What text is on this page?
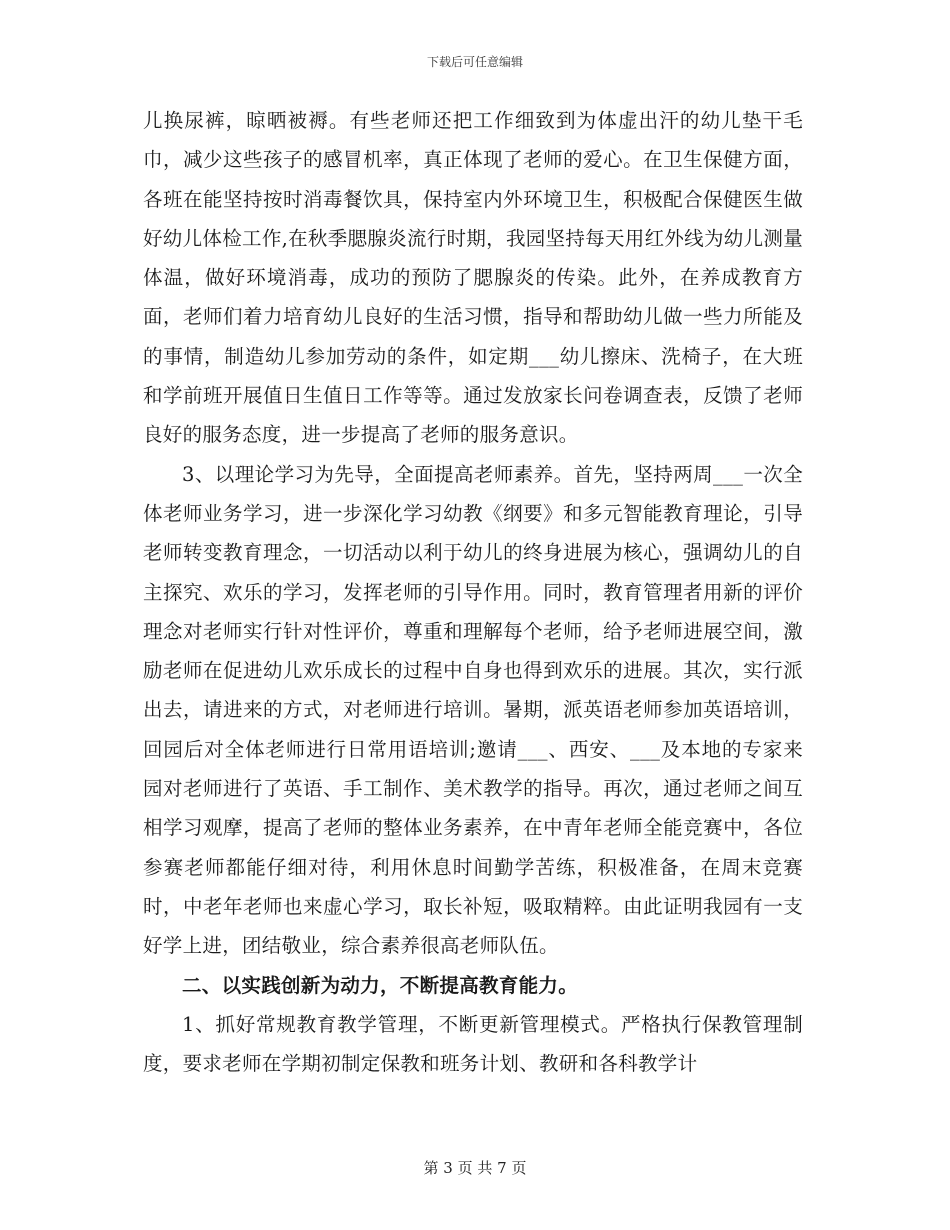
下载后可任意编辑

儿换尿裤，晾晒被褥。有些老师还把工作细致到为体虚出汗的幼儿垫干毛巾，减少这些孩子的感冒机率，真正体现了老师的爱心。在卫生保健方面，各班在能坚持按时消毒餐饮具，保持室内外环境卫生，积极配合保健医生做好幼儿体检工作,在秋季腮腺炎流行时期，我园坚持每天用红外线为幼儿测量体温，做好环境消毒，成功的预防了腮腺炎的传染。此外，在养成教育方面，老师们着力培育幼儿良好的生活习惯，指导和帮助幼儿做一些力所能及的事情，制造幼儿参加劳动的条件，如定期___幼儿擦床、洗椅子，在大班和学前班开展值日生值日工作等等。通过发放家长问卷调查表，反馈了老师良好的服务态度，进一步提高了老师的服务意识。

3、以理论学习为先导，全面提高老师素养。首先，坚持两周___一次全体老师业务学习，进一步深化学习幼教《纲要》和多元智能教育理论，引导老师转变教育理念，一切活动以利于幼儿的终身进展为核心，强调幼儿的自主探究、欢乐的学习，发挥老师的引导作用。同时，教育管理者用新的评价理念对老师实行针对性评价，尊重和理解每个老师，给予老师进展空间，激励老师在促进幼儿欢乐成长的过程中自身也得到欢乐的进展。其次，实行派出去，请进来的方式，对老师进行培训。暑期，派英语老师参加英语培训，回园后对全体老师进行日常用语培训;邀请___、西安、___及本地的专家来园对老师进行了英语、手工制作、美术教学的指导。再次，通过老师之间互相学习观摩，提高了老师的整体业务素养，在中青年老师全能竞赛中，各位参赛老师都能仔细对待，利用休息时间勤学苦练，积极准备，在周末竞赛时，中老年老师也来虚心学习，取长补短，吸取精粹。由此证明我园有一支好学上进，团结敬业，综合素养很高老师队伍。

二、以实践创新为动力，不断提高教育能力。

1、抓好常规教育教学管理，不断更新管理模式。严格执行保教管理制度，要求老师在学期初制定保教和班务计划、教研和各科教学计

第 3 页 共 7 页
